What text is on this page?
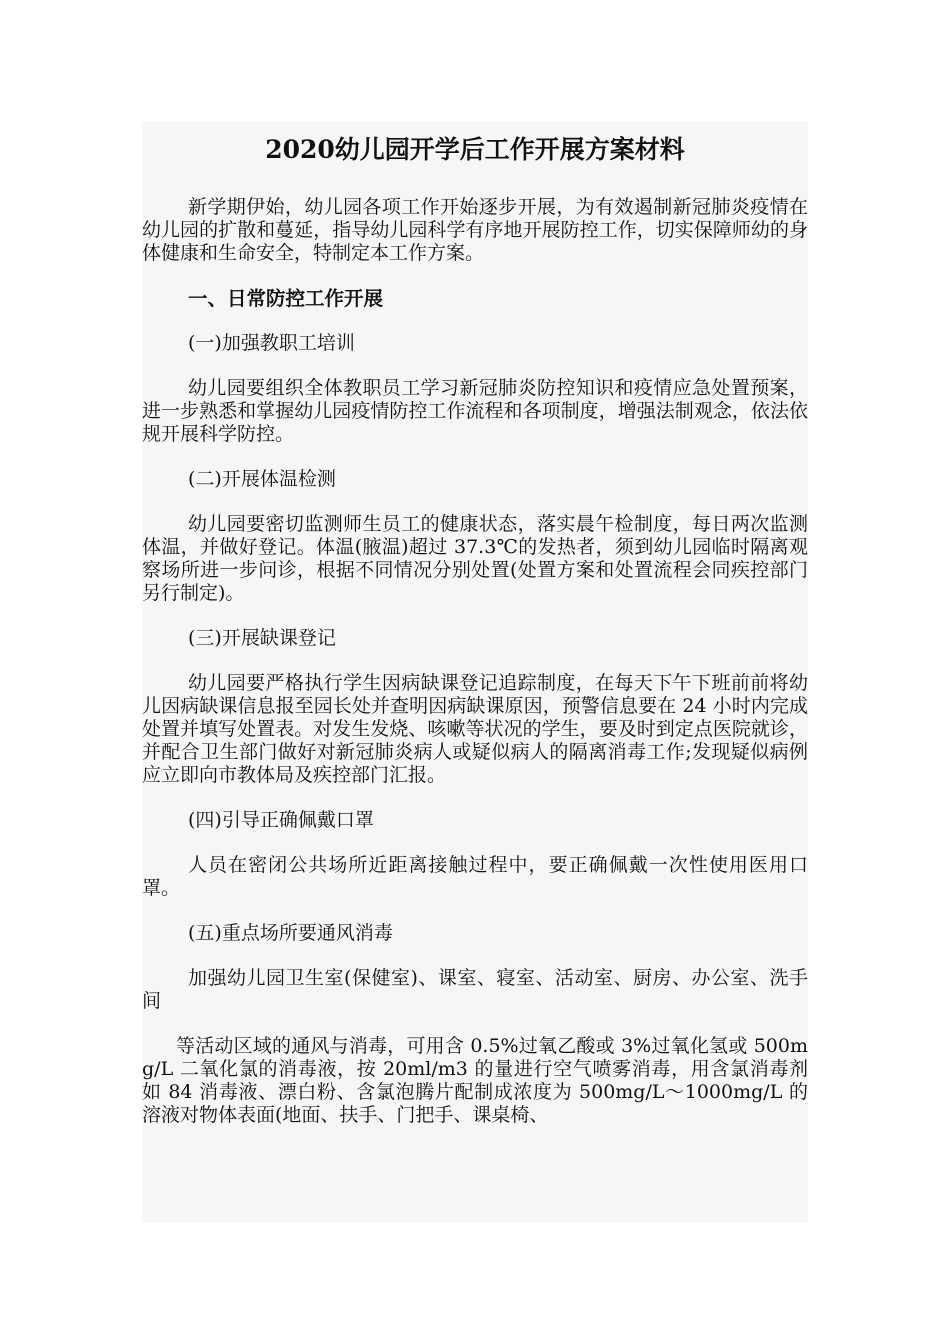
2020幼儿园开学后工作开展方案材料

新学期伊始，幼儿园各项工作开始逐步开展，为有效遏制新冠肺炎疫情在幼儿园的扩散和蔓延，指导幼儿园科学有序地开展防控工作，切实保障师幼的身体健康和生命安全，特制定本工作方案。

一、日常防控工作开展

(一)加强教职工培训

幼儿园要组织全体教职员工学习新冠肺炎防控知识和疫情应急处置预案，进一步熟悉和掌握幼儿园疫情防控工作流程和各项制度，增强法制观念，依法依规开展科学防控。

(二)开展体温检测

幼儿园要密切监测师生员工的健康状态，落实晨午检制度，每日两次监测体温，并做好登记。体温(腋温)超过 37.3℃的发热者，须到幼儿园临时隔离观察场所进一步问诊，根据不同情况分别处置(处置方案和处置流程会同疾控部门另行制定)。

(三)开展缺课登记

幼儿园要严格执行学生因病缺课登记追踪制度，在每天下午下班前前将幼儿因病缺课信息报至园长处并查明因病缺课原因，预警信息要在 24 小时内完成处置并填写处置表。对发生发烧、咳嗽等状况的学生，要及时到定点医院就诊，并配合卫生部门做好对新冠肺炎病人或疑似病人的隔离消毒工作;发现疑似病例应立即向市教体局及疾控部门汇报。

(四)引导正确佩戴口罩

人员在密闭公共场所近距离接触过程中，要正确佩戴一次性使用医用口罩。

(五)重点场所要通风消毒

加强幼儿园卫生室(保健室)、课室、寝室、活动室、厨房、办公室、洗手间

等活动区域的通风与消毒，可用含 0.5%过氧乙酸或 3%过氧化氢或 500mg/L 二氧化氯的消毒液，按 20ml/m3 的量进行空气喷雾消毒，用含氯消毒剂如 84 消毒液、漂白粉、含氯泡腾片配制成浓度为 500mg/L～1000mg/L 的溶液对物体表面(地面、扶手、门把手、课桌椅、
